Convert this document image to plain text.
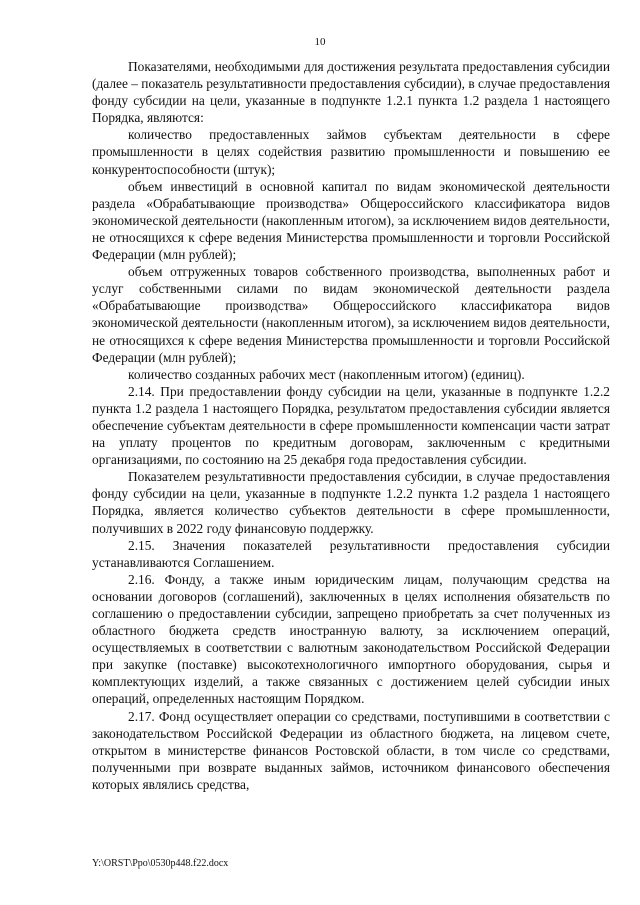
10

Показателями, необходимыми для достижения результата предоставления субсидии (далее – показатель результативности предоставления субсидии), в случае предоставления фонду субсидии на цели, указанные в подпункте 1.2.1 пункта 1.2 раздела 1 настоящего Порядка, являются:

количество предоставленных займов субъектам деятельности в сфере промышленности в целях содействия развитию промышленности и повышению ее конкурентоспособности (штук);

объем инвестиций в основной капитал по видам экономической деятельности раздела «Обрабатывающие производства» Общероссийского классификатора видов экономической деятельности (накопленным итогом), за исключением видов деятельности, не относящихся к сфере ведения Министерства промышленности и торговли Российской Федерации (млн рублей);

объем отгруженных товаров собственного производства, выполненных работ и услуг собственными силами по видам экономической деятельности раздела «Обрабатывающие производства» Общероссийского классификатора видов экономической деятельности (накопленным итогом), за исключением видов деятельности, не относящихся к сфере ведения Министерства промышленности и торговли Российской Федерации (млн рублей);

количество созданных рабочих мест (накопленным итогом) (единиц).

2.14. При предоставлении фонду субсидии на цели, указанные в подпункте 1.2.2 пункта 1.2 раздела 1 настоящего Порядка, результатом предоставления субсидии является обеспечение субъектам деятельности в сфере промышленности компенсации части затрат на уплату процентов по кредитным договорам, заключенным с кредитными организациями, по состоянию на 25 декабря года предоставления субсидии.

Показателем результативности предоставления субсидии, в случае предоставления фонду субсидии на цели, указанные в подпункте 1.2.2 пункта 1.2 раздела 1 настоящего Порядка, является количество субъектов деятельности в сфере промышленности, получивших в 2022 году финансовую поддержку.

2.15. Значения показателей результативности предоставления субсидии устанавливаются Соглашением.

2.16. Фонду, а также иным юридическим лицам, получающим средства на основании договоров (соглашений), заключенных в целях исполнения обязательств по соглашению о предоставлении субсидии, запрещено приобретать за счет полученных из областного бюджета средств иностранную валюту, за исключением операций, осуществляемых в соответствии с валютным законодательством Российской Федерации при закупке (поставке) высокотехнологичного импортного оборудования, сырья и комплектующих изделий, а также связанных с достижением целей субсидии иных операций, определенных настоящим Порядком.

2.17. Фонд осуществляет операции со средствами, поступившими в соответствии с законодательством Российской Федерации из областного бюджета, на лицевом счете, открытом в министерстве финансов Ростовской области, в том числе со средствами, полученными при возврате выданных займов, источником финансового обеспечения которых являлись средства,

Y:\ORST\Ppo\0530p448.f22.docx
